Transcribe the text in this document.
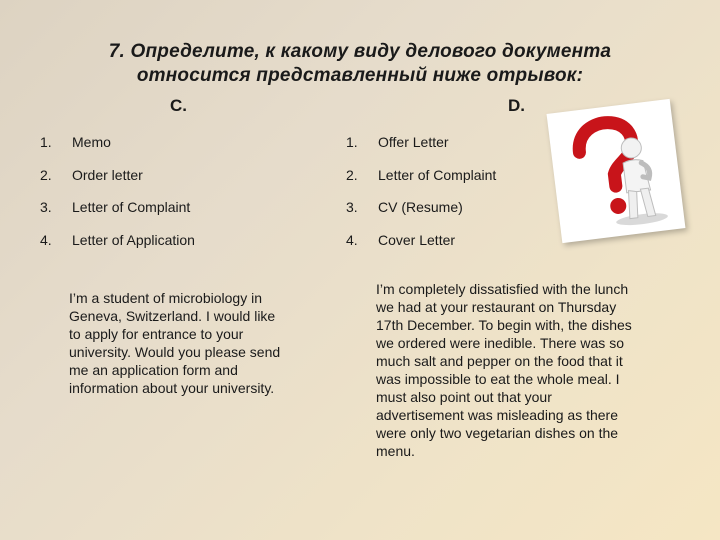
7. Определите, к какому виду делового документа
относится представленный ниже отрывок:
C.
1. Memo
2. Order letter
3. Letter of Complaint
4. Letter of Application

I’m a student of microbiology in
Geneva, Switzerland. I would like
to apply for entrance to your
university. Would you please send
me an application form and
information about your university.

D.
1. Offer Letter
2. Letter of Complaint
3. CV (Resume)
4. Cover Letter

I’m completely dissatisfied with the lunch
we had at your restaurant on Thursday
17th December. To begin with, the dishes
we ordered were inedible. There was so
much salt and pepper on the food that it
was impossible to eat the whole meal. I
must also point out that your
advertisement was misleading as there
were only two vegetarian dishes on the
menu.
